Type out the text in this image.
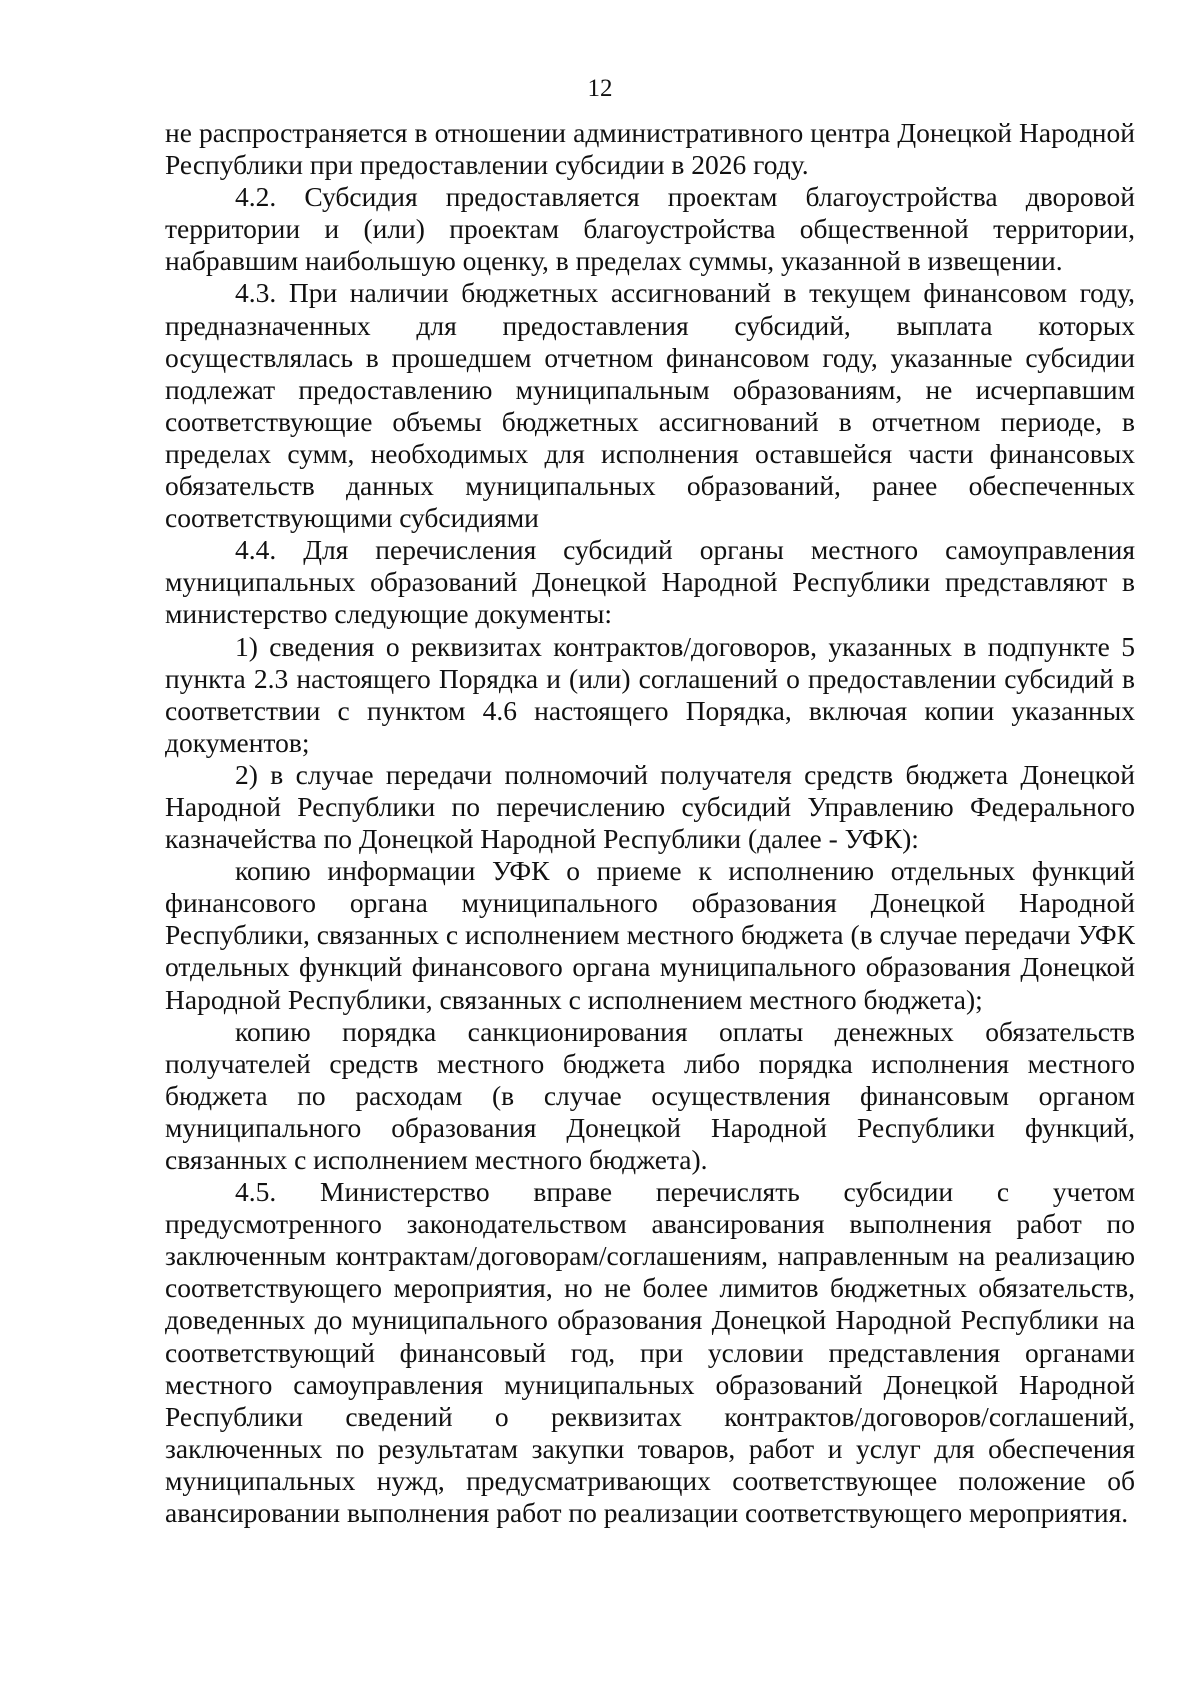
12

не распространяется в отношении административного центра Донецкой Народной Республики при предоставлении субсидии в 2026 году.

4.2. Субсидия предоставляется проектам благоустройства дворовой территории и (или) проектам благоустройства общественной территории, набравшим наибольшую оценку, в пределах суммы, указанной в извещении.

4.3. При наличии бюджетных ассигнований в текущем финансовом году, предназначенных для предоставления субсидий, выплата которых осуществлялась в прошедшем отчетном финансовом году, указанные субсидии подлежат предоставлению муниципальным образованиям, не исчерпавшим соответствующие объемы бюджетных ассигнований в отчетном периоде, в пределах сумм, необходимых для исполнения оставшейся части финансовых обязательств данных муниципальных образований, ранее обеспеченных соответствующими субсидиями

4.4. Для перечисления субсидий органы местного самоуправления муниципальных образований Донецкой Народной Республики представляют в министерство следующие документы:

1) сведения о реквизитах контрактов/договоров, указанных в подпункте 5 пункта 2.3 настоящего Порядка и (или) соглашений о предоставлении субсидий в соответствии с пунктом 4.6 настоящего Порядка, включая копии указанных документов;

2) в случае передачи полномочий получателя средств бюджета Донецкой Народной Республики по перечислению субсидий Управлению Федерального казначейства по Донецкой Народной Республики (далее - УФК):

копию информации УФК о приеме к исполнению отдельных функций финансового органа муниципального образования Донецкой Народной Республики, связанных с исполнением местного бюджета (в случае передачи УФК отдельных функций финансового органа муниципального образования Донецкой Народной Республики, связанных с исполнением местного бюджета);

копию порядка санкционирования оплаты денежных обязательств получателей средств местного бюджета либо порядка исполнения местного бюджета по расходам (в случае осуществления финансовым органом муниципального образования Донецкой Народной Республики функций, связанных с исполнением местного бюджета).

4.5. Министерство вправе перечислять субсидии с учетом предусмотренного законодательством авансирования выполнения работ по заключенным контрактам/договорам/соглашениям, направленным на реализацию соответствующего мероприятия, но не более лимитов бюджетных обязательств, доведенных до муниципального образования Донецкой Народной Республики на соответствующий финансовый год, при условии представления органами местного самоуправления муниципальных образований Донецкой Народной Республики сведений о реквизитах контрактов/договоров/соглашений, заключенных по результатам закупки товаров, работ и услуг для обеспечения муниципальных нужд, предусматривающих соответствующее положение об авансировании выполнения работ по реализации соответствующего мероприятия.
